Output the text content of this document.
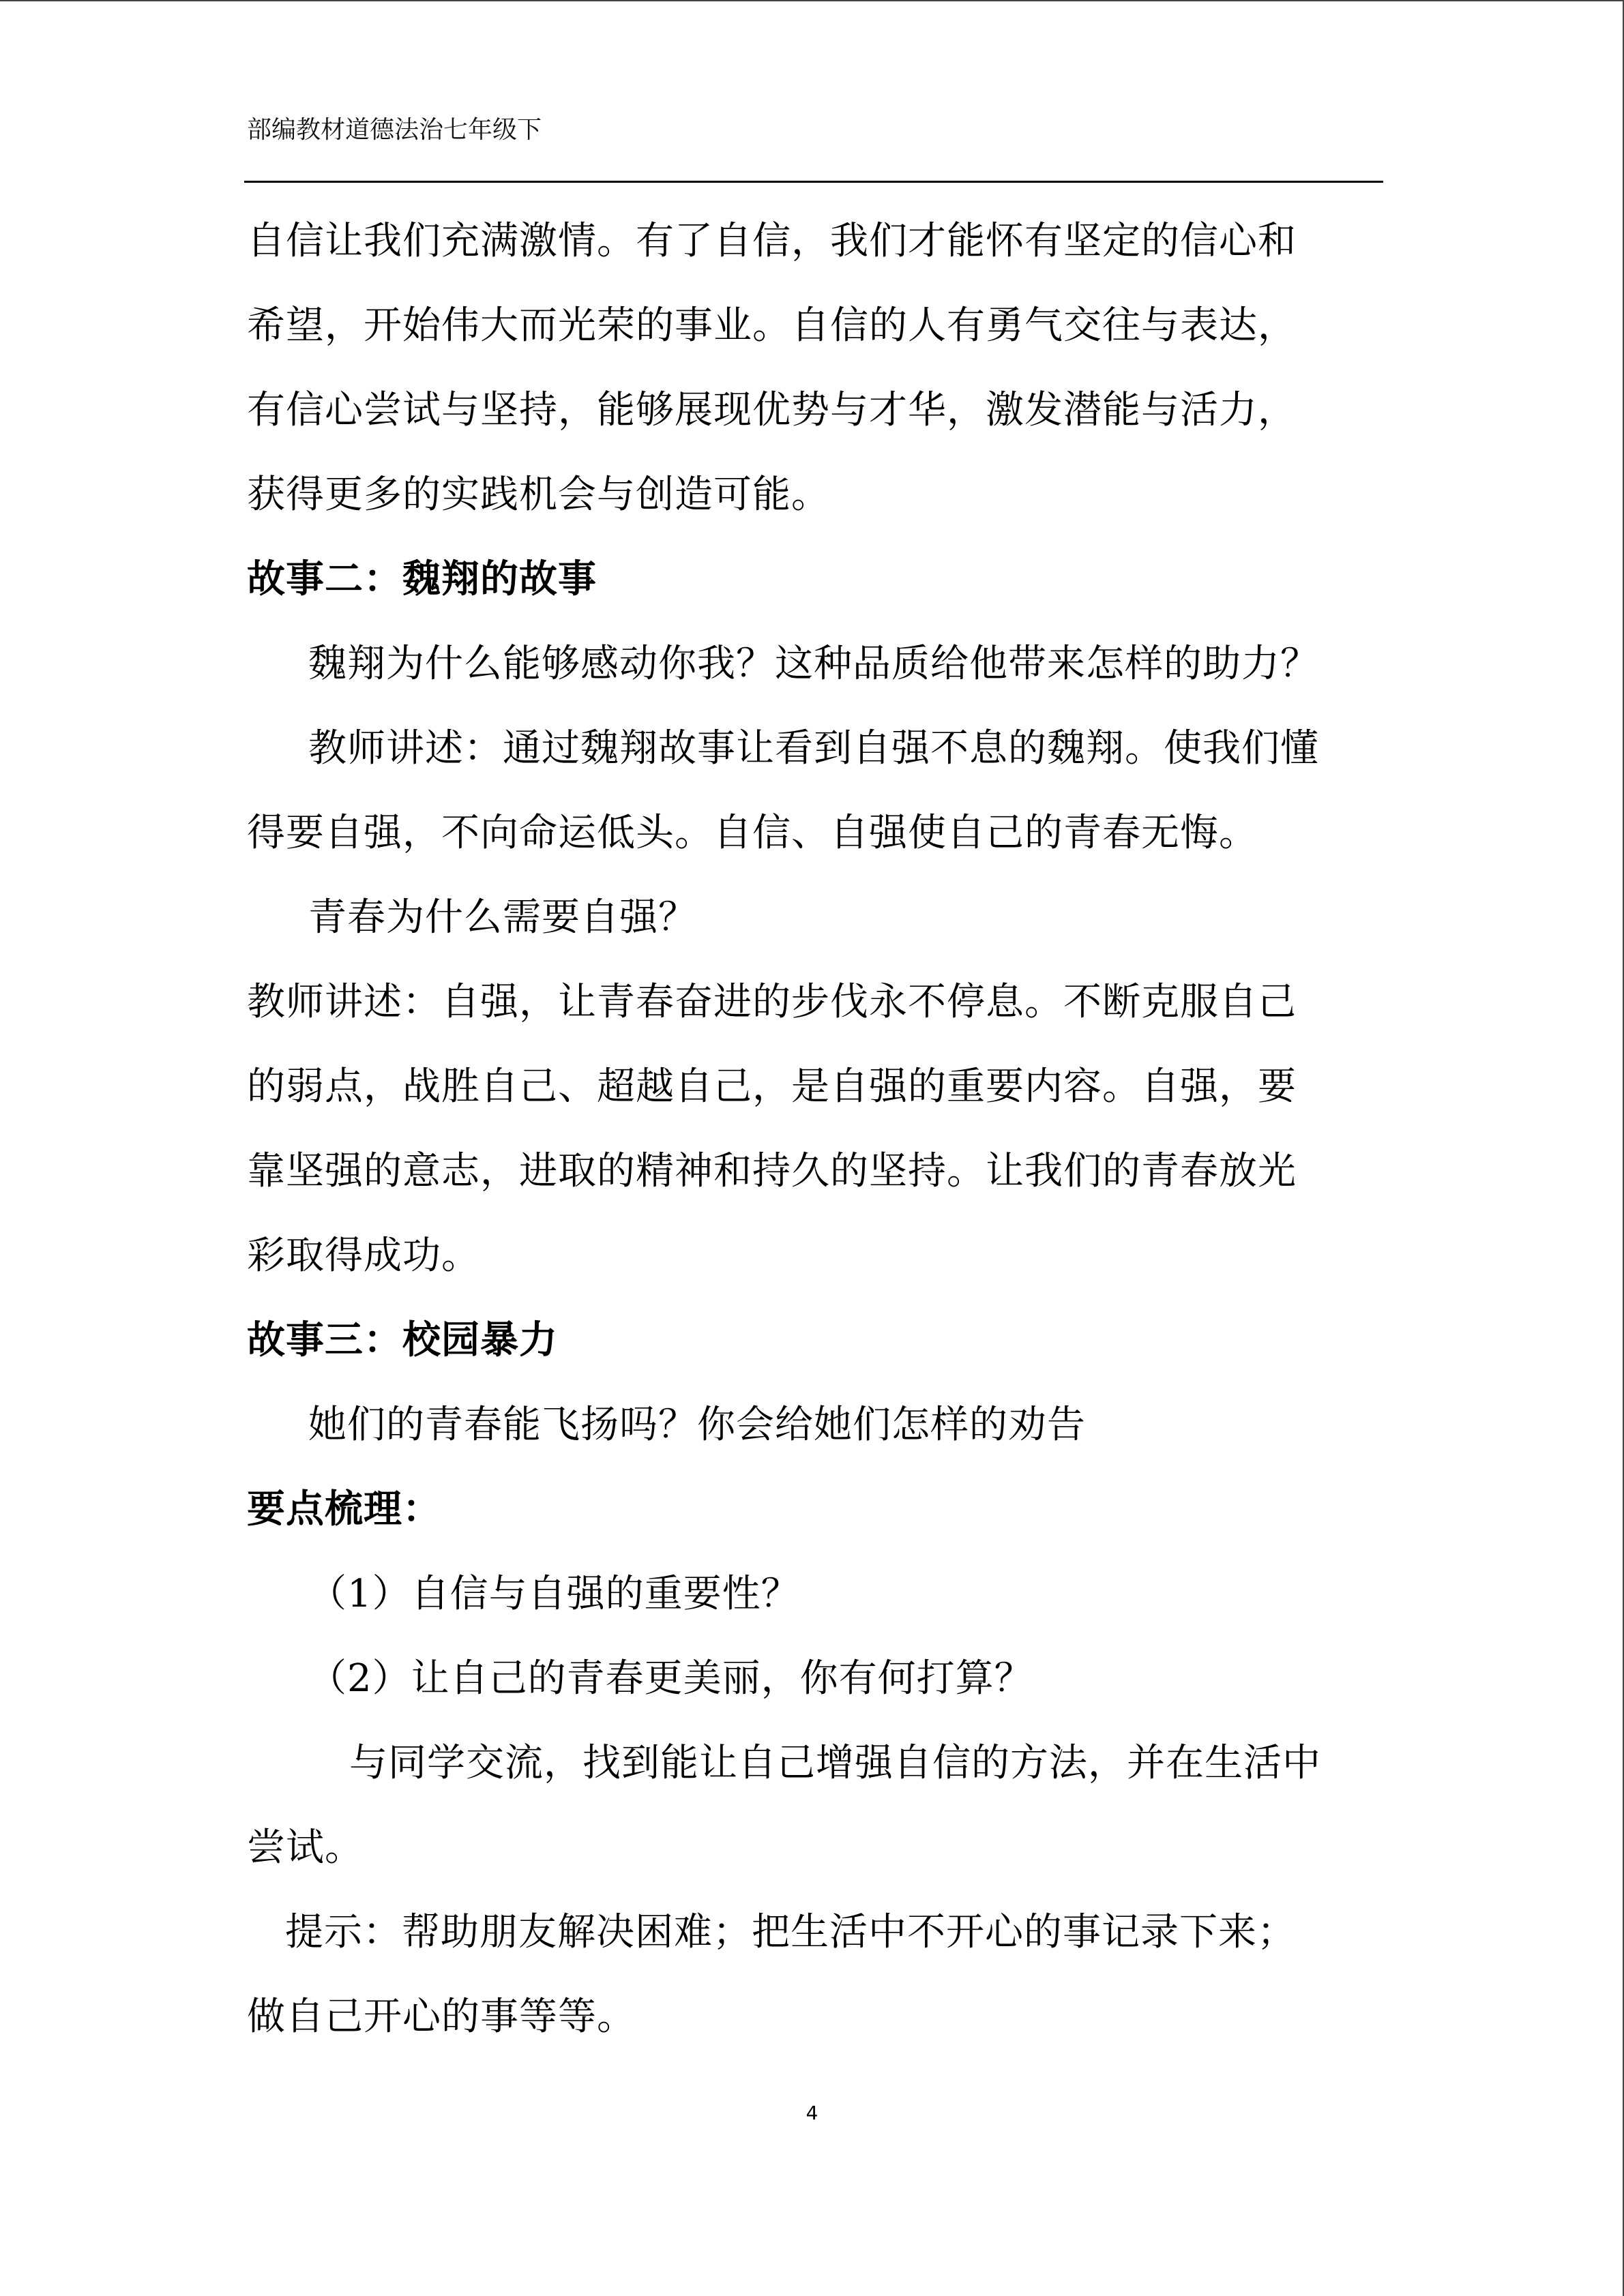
部编教材道德法治七年级下
自信让我们充满激情。有了自信，我们才能怀有坚定的信心和
希望，开始伟大而光荣的事业。自信的人有勇气交往与表达，
有信心尝试与坚持，能够展现优势与才华，激发潜能与活力，
获得更多的实践机会与创造可能。
故事二：魏翔的故事
魏翔为什么能够感动你我？这种品质给他带来怎样的助力？
教师讲述：通过魏翔故事让看到自强不息的魏翔。使我们懂
得要自强，不向命运低头。自信、自强使自己的青春无悔。
青春为什么需要自强？
教师讲述：自强，让青春奋进的步伐永不停息。不断克服自己
的弱点，战胜自己、超越自己，是自强的重要内容。自强，要
靠坚强的意志，进取的精神和持久的坚持。让我们的青春放光
彩取得成功。
故事三：校园暴力
她们的青春能飞扬吗？你会给她们怎样的劝告
要点梳理：
（1）自信与自强的重要性？
（2）让自己的青春更美丽，你有何打算？
与同学交流，找到能让自己增强自信的方法，并在生活中
尝试。
提示：帮助朋友解决困难；把生活中不开心的事记录下来；
做自己开心的事等等。
4
